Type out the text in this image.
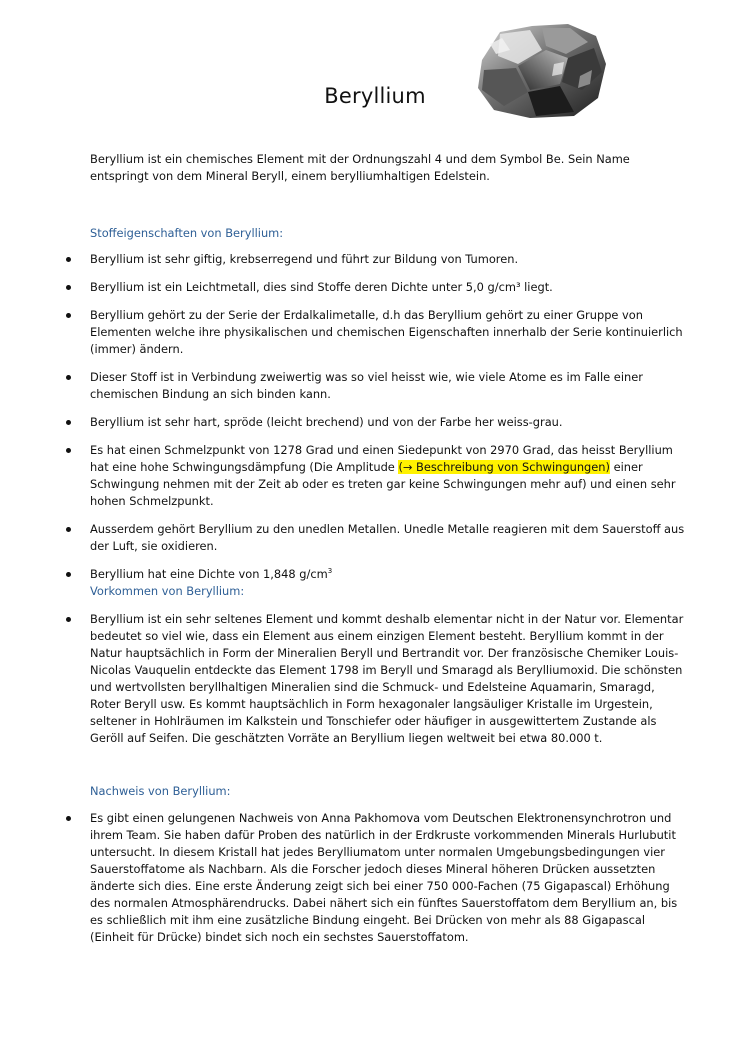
Beryllium
Beryllium ist ein chemisches Element mit der Ordnungszahl 4 und dem Symbol Be. Sein Name entspringt von dem Mineral Beryll, einem berylliumhaltigen Edelstein.
Stoffeigenschaften von Beryllium:
Beryllium ist sehr giftig, krebserregend und führt zur Bildung von Tumoren.
Beryllium ist ein Leichtmetall, dies sind Stoffe deren Dichte unter 5,0 g/cm³ liegt.
Beryllium gehört zu der Serie der Erdalkalimetalle, d.h das Beryllium gehört zu einer Gruppe von Elementen welche ihre physikalischen und chemischen Eigenschaften innerhalb der Serie kontinuierlich (immer) ändern.
Dieser Stoff ist in Verbindung zweiwertig was so viel heisst wie, wie viele Atome es im Falle einer chemischen Bindung an sich binden kann.
Beryllium ist sehr hart, spröde (leicht brechend) und von der Farbe her weiss-grau.
Es hat einen Schmelzpunkt von 1278 Grad und einen Siedepunkt von 2970 Grad, das heisst Beryllium hat eine hohe Schwingungsdämpfung (Die Amplitude (→ Beschreibung von Schwingungen) einer Schwingung nehmen mit der Zeit ab oder es treten gar keine Schwingungen mehr auf) und einen sehr hohen Schmelzpunkt.
Ausserdem gehört Beryllium zu den unedlen Metallen. Unedle Metalle reagieren mit dem Sauerstoff aus der Luft, sie oxidieren.
Beryllium hat eine Dichte von 1,848 $g/cm^3$
Vorkommen von Beryllium:
Beryllium ist ein sehr seltenes Element und kommt deshalb elementar nicht in der Natur vor. Elementar bedeutet so viel wie, dass ein Element aus einem einzigen Element besteht. Beryllium kommt in der Natur hauptsächlich in Form der Mineralien Beryll und Bertrandit vor. Der französische Chemiker Louis-Nicolas Vauquelin entdeckte das Element 1798 im Beryll und Smaragd als Berylliumoxid. Die schönsten und wertvollsten beryllhaltigen Mineralien sind die Schmuck- und Edelsteine Aquamarin, Smaragd, Roter Beryll usw. Es kommt hauptsächlich in Form hexagonaler langsäuliger Kristalle im Urgestein, seltener in Hohlräumen im Kalkstein und Tonschiefer oder häufiger in ausgewittertem Zustande als Geröll auf Seifen. Die geschätzten Vorräte an Beryllium liegen weltweit bei etwa 80.000 t.
Nachweis von Beryllium:
Es gibt einen gelungenen Nachweis von Anna Pakhomova vom Deutschen Elektronensynchrotron und ihrem Team. Sie haben dafür Proben des natürlich in der Erdkruste vorkommenden Minerals Hurlubutit untersucht. In diesem Kristall hat jedes Berylliumatom unter normalen Umgebungsbedingungen vier Sauerstoffatome als Nachbarn. Als die Forscher jedoch dieses Mineral höheren Drücken aussetzten änderte sich dies. Eine erste Änderung zeigt sich bei einer 750 000-Fachen (75 Gigapascal) Erhöhung des normalen Atmosphärendrucks. Dabei nähert sich ein fünftes Sauerstoffatom dem Beryllium an, bis es schließlich mit ihm eine zusätzliche Bindung eingeht. Bei Drücken von mehr als 88 Gigapascal (Einheit für Drücke) bindet sich noch ein sechstes Sauerstoffatom.
